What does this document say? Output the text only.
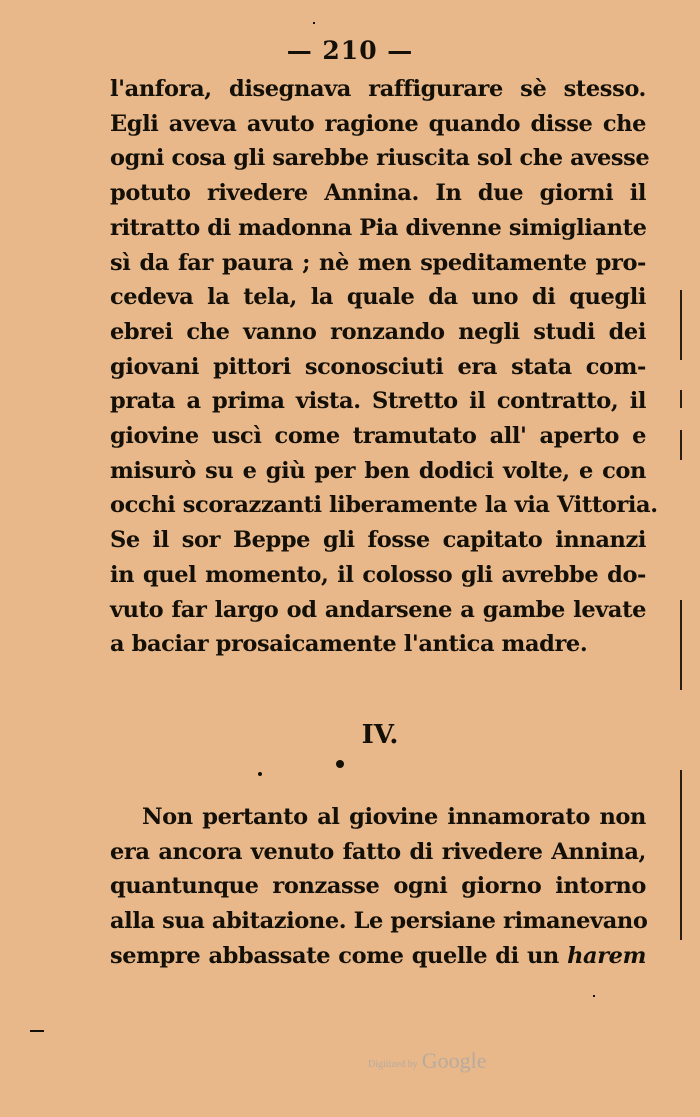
— 210 —

l'anfora, disegnava raffigurare sè stesso.
Egli aveva avuto ragione quando disse che
ogni cosa gli sarebbe riuscita sol che avesse
potuto rivedere Annina. In due giorni il
ritratto di madonna Pia divenne simigliante
sì da far paura ; nè men speditamente pro-
cedeva la tela, la quale da uno di quegli
ebrei che vanno ronzando negli studi dei
giovani pittori sconosciuti era stata com-
prata a prima vista. Stretto il contratto, il
giovine uscì come tramutato all' aperto e
misurò su e giù per ben dodici volte, e con
occhi scorazzanti liberamente la via Vittoria.
Se il sor Beppe gli fosse capitato innanzi
in quel momento, il colosso gli avrebbe do-
vuto far largo od andarsene a gambe levate
a baciar prosaicamente l'antica madre.

IV.

Non pertanto al giovine innamorato non
era ancora venuto fatto di rivedere Annina,
quantunque ronzasse ogni giorno intorno
alla sua abitazione. Le persiane rimanevano
sempre abbassate come quelle di un harem

Digitized by Google
